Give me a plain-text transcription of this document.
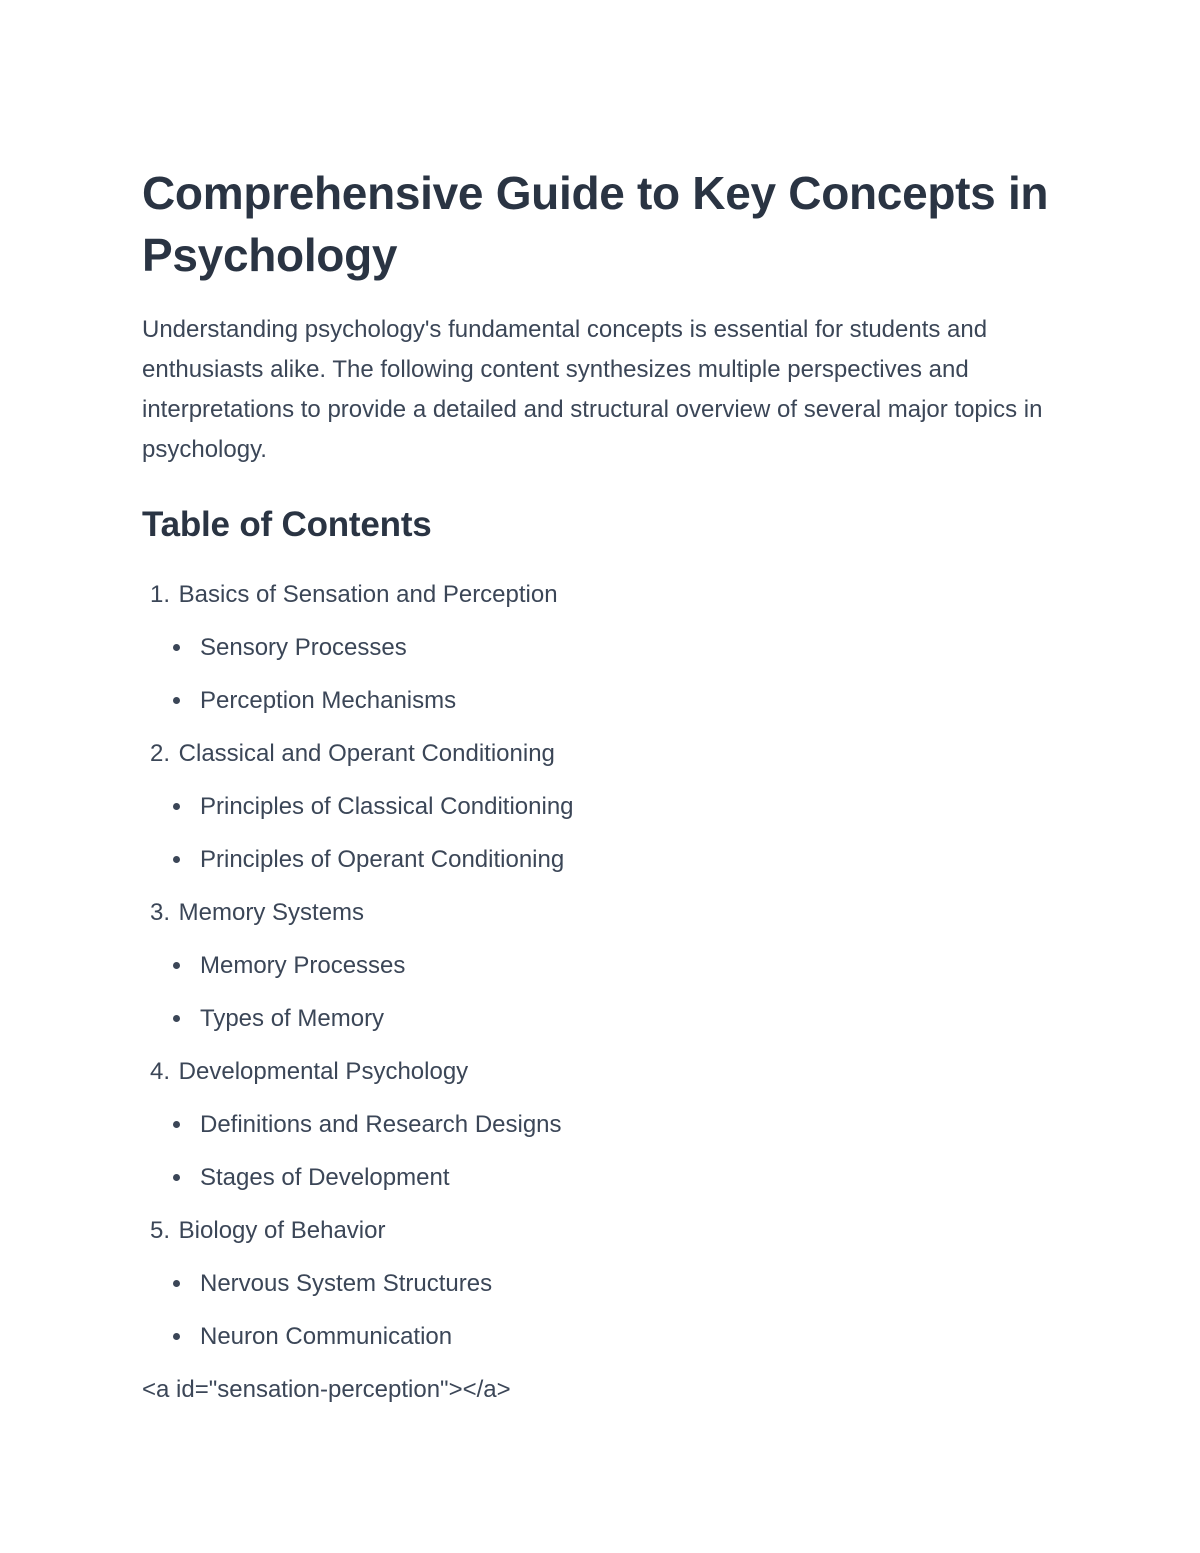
Comprehensive Guide to Key Concepts in Psychology

Understanding psychology's fundamental concepts is essential for students and enthusiasts alike. The following content synthesizes multiple perspectives and interpretations to provide a detailed and structural overview of several major topics in psychology.

Table of Contents
1. Basics of Sensation and Perception
Sensory Processes
Perception Mechanisms
2. Classical and Operant Conditioning
Principles of Classical Conditioning
Principles of Operant Conditioning
3. Memory Systems
Memory Processes
Types of Memory
4. Developmental Psychology
Definitions and Research Designs
Stages of Development
5. Biology of Behavior
Nervous System Structures
Neuron Communication

<a id="sensation-perception"></a>
